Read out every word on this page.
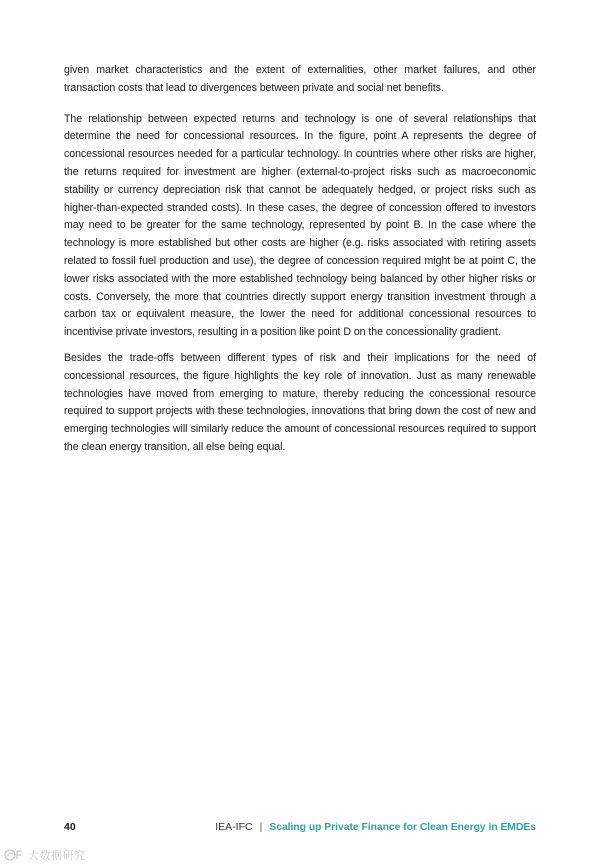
given market characteristics and the extent of externalities, other market failures, and other transaction costs that lead to divergences between private and social net benefits.

The relationship between expected returns and technology is one of several relationships that determine the need for concessional resources. In the figure, point A represents the degree of concessional resources needed for a particular technology. In countries where other risks are higher, the returns required for investment are higher (external-to-project risks such as macroeconomic stability or currency depreciation risk that cannot be adequately hedged, or project risks such as higher-than-expected stranded costs). In these cases, the degree of concession offered to investors may need to be greater for the same technology, represented by point B. In the case where the technology is more established but other costs are higher (e.g. risks associated with retiring assets related to fossil fuel production and use), the degree of concession required might be at point C, the lower risks associated with the more established technology being balanced by other higher risks or costs. Conversely, the more that countries directly support energy transition investment through a carbon tax or equivalent measure, the lower the need for additional concessional resources to incentivise private investors, resulting in a position like point D on the concessionality gradient.

Besides the trade-offs between different types of risk and their implications for the need of concessional resources, the figure highlights the key role of innovation. Just as many renewable technologies have moved from emerging to mature, thereby reducing the concessional resource required to support projects with these technologies, innovations that bring down the cost of new and emerging technologies will similarly reduce the amount of concessional resources required to support the clean energy transition, all else being equal.

40	IEA-IFC | Scaling up Private Finance for Clean Energy in EMDEs
大数据研究
